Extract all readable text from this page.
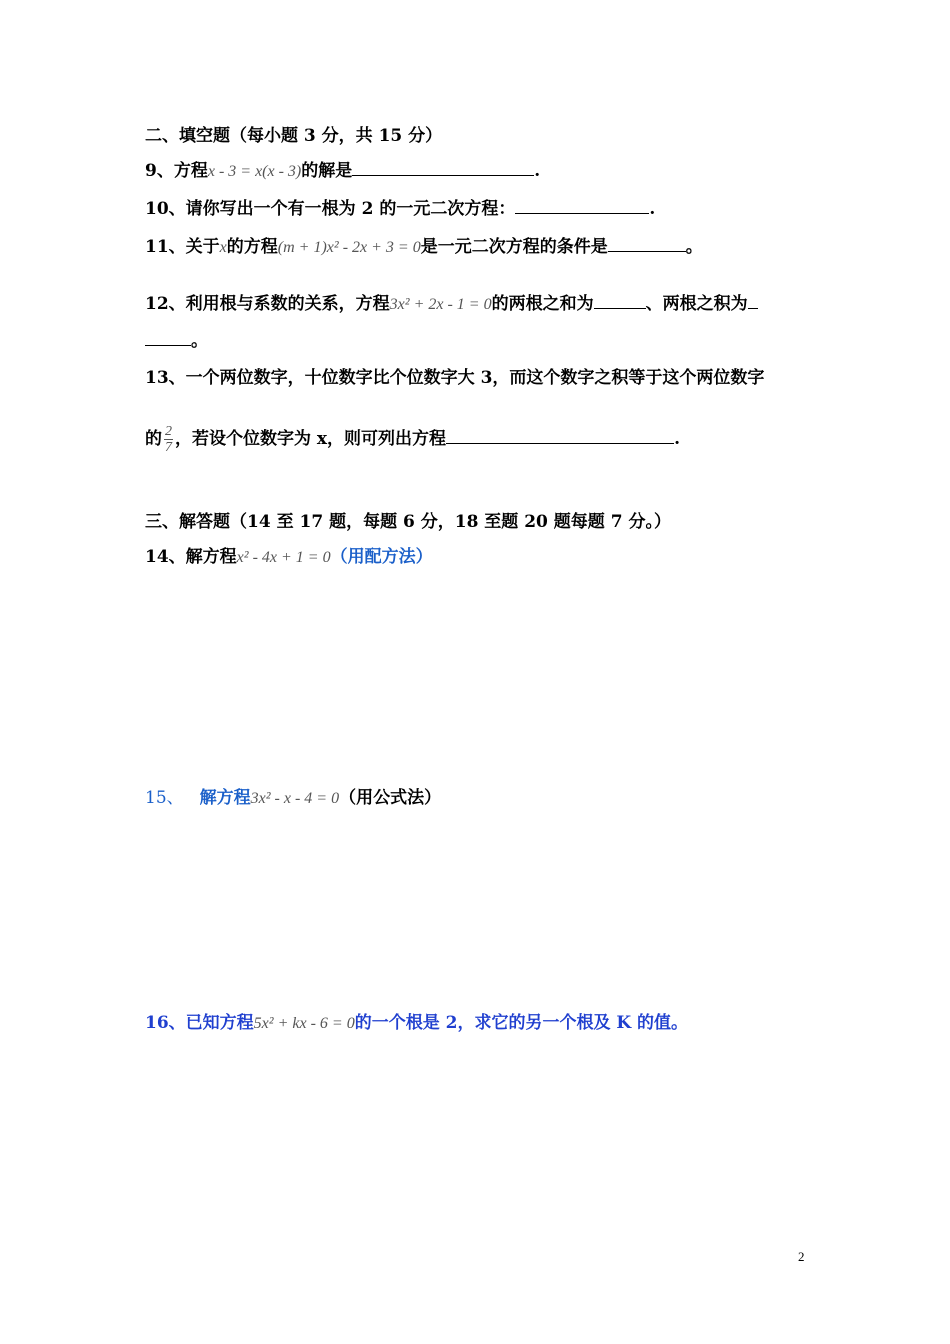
二、填空题（每小题 3 分，共 15 分）
9、方程x - 3 = x(x - 3)的解是	.
10、请你写出一个有一根为 2 的一元二次方程：	.
11、关于x的方程(m + 1)x² - 2x + 3 = 0是一元二次方程的条件是	。
12、利用根与系数的关系，方程3x² + 2x - 1 = 0的两根之和为	、两根之积为
。
13、一个两位数字，十位数字比个位数字大 3，而这个数字之积等于这个两位数字
的 $\frac{2}{7}$ ，若设个位数字为 x，则可列出方程	.
三、解答题（14 至 17 题，每题 6 分，18 至题 20 题每题 7 分。）
14、解方程x² - 4x + 1 = 0（用配方法）
15、 解方程3x² - x - 4 = 0（用公式法）
16、已知方程5x² + kx - 6 = 0的一个根是 2，求它的另一个根及 K 的值。
2
